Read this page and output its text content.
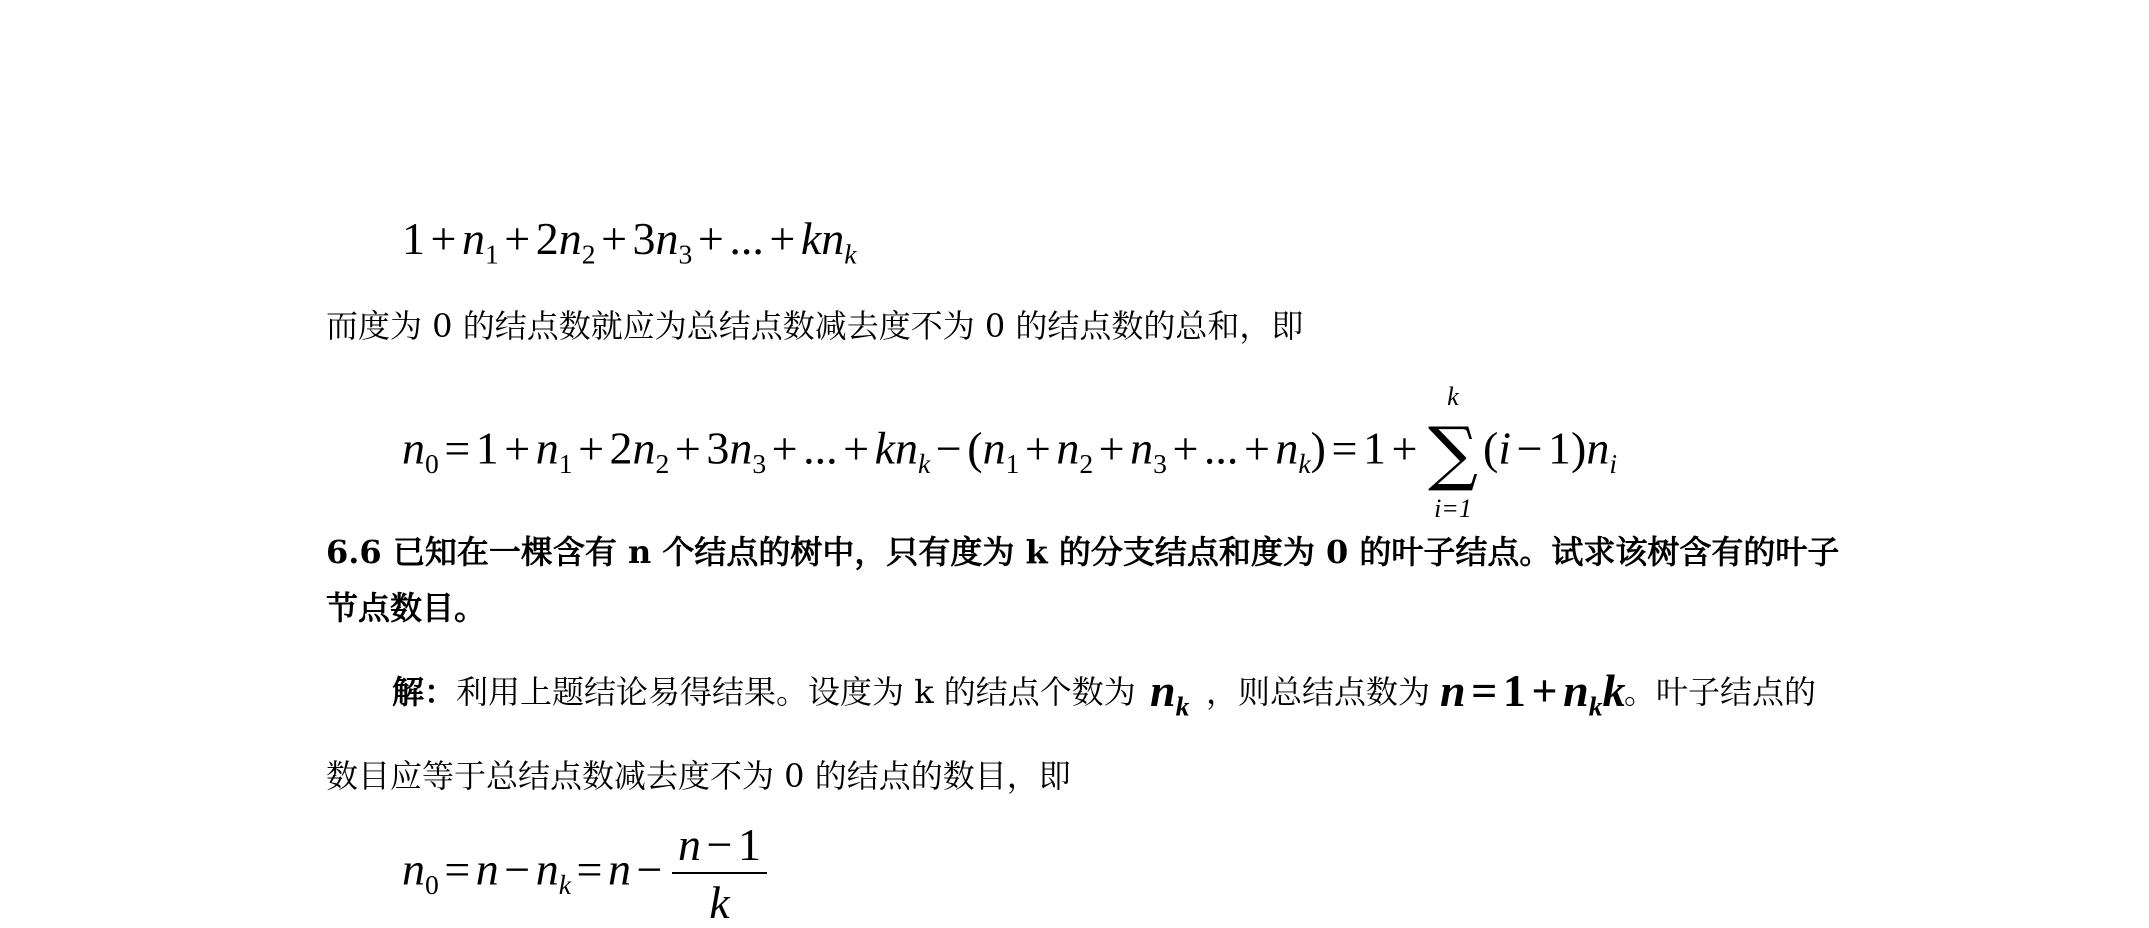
$1 + n_1 + 2n_2 + 3n_3$ + ... + $kn_k$
而度为 0 的结点数就应为总结点数减去度不为 0 的结点数的总和，即
$n_0 = 1 + n_1 + 2n_2 + 3n_3$ + ... + $kn_k - (n_1 + n_2 + n_3$ + ... + $n_k) = 1$ +
k
∑
i=1
$(i - 1)n_i$
6.6 已知在一棵含有 n 个结点的树中，只有度为 k 的分支结点和度为 0 的叶子结点。试求该树含有的叶子
节点数目。
解：利用上题结论易得结果。设度为 k 的结点个数为 $n_k$ ，则总结点数为 $n = 1 + n_kk$
。叶子结点的
数目应等于总结点数减去度不为 0 的结点的数目，即
$n_0 = n - n_k = n - \frac{n - 1}{k}$
